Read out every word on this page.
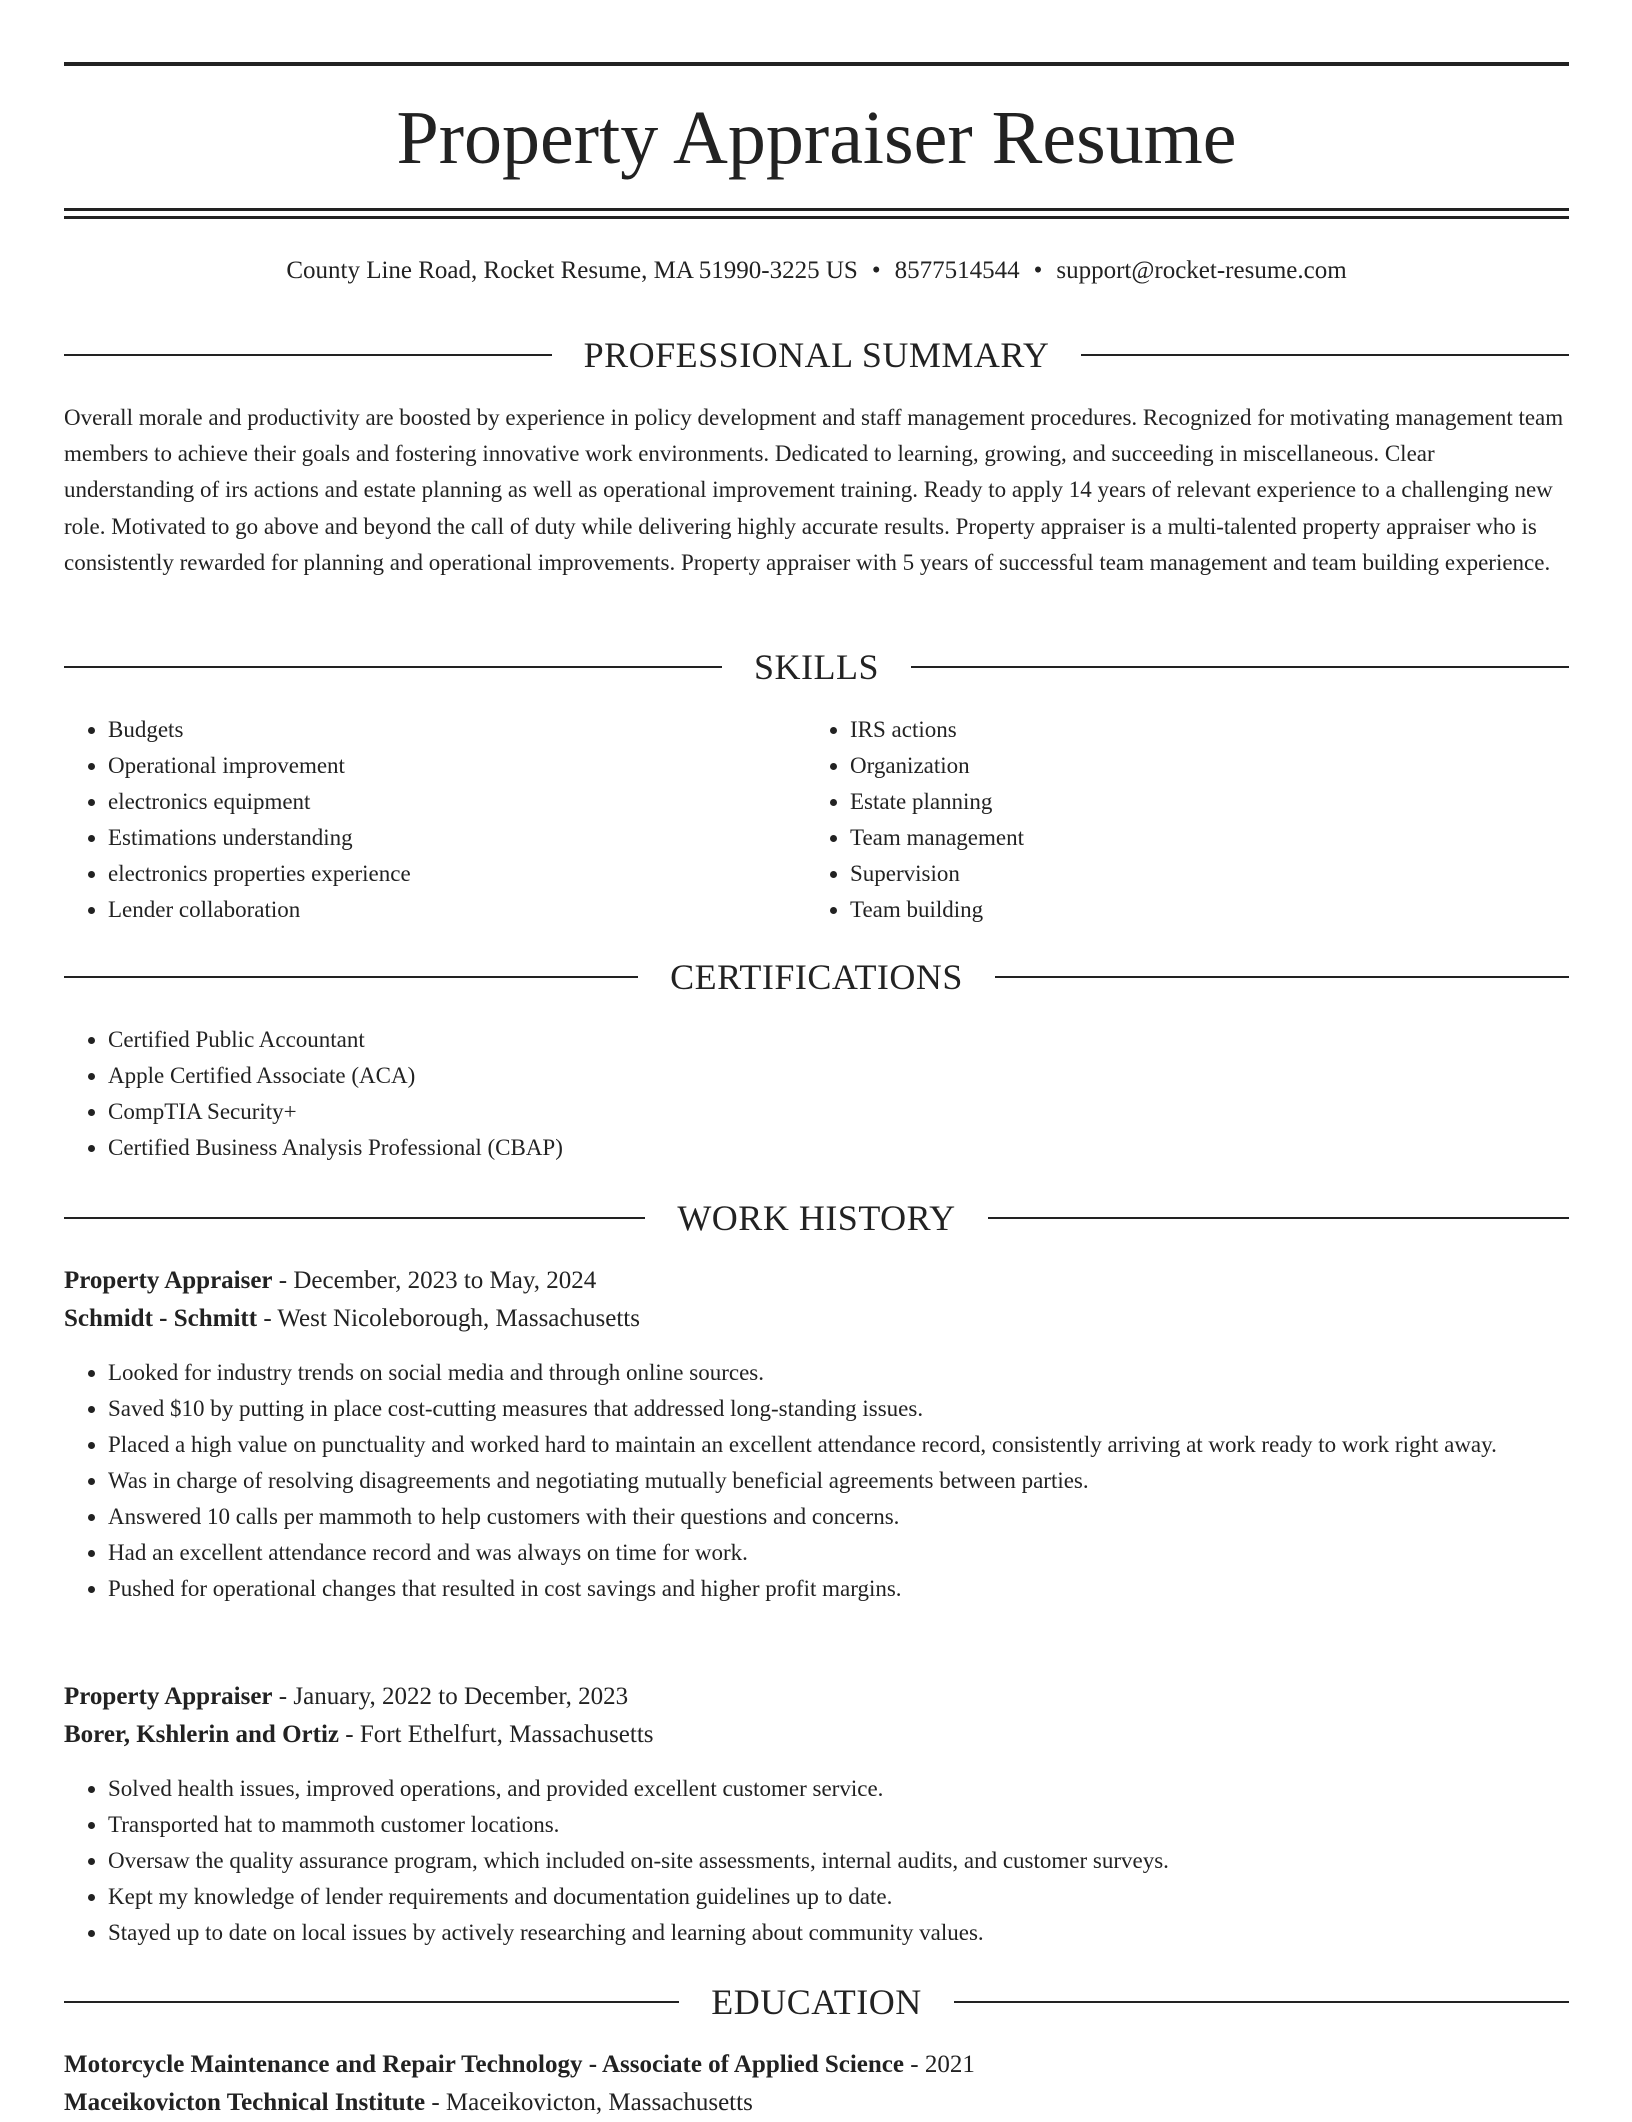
Property Appraiser Resume
County Line Road, Rocket Resume, MA 51990-3225 US • 8577514544 • support@rocket-resume.com
PROFESSIONAL SUMMARY

Overall morale and productivity are boosted by experience in policy development and staff management procedures. Recognized for motivating management team members to achieve their goals and fostering innovative work environments. Dedicated to learning, growing, and succeeding in miscellaneous. Clear understanding of irs actions and estate planning as well as operational improvement training. Ready to apply 14 years of relevant experience to a challenging new role. Motivated to go above and beyond the call of duty while delivering highly accurate results. Property appraiser is a multi-talented property appraiser who is consistently rewarded for planning and operational improvements. Property appraiser with 5 years of successful team management and team building experience.

SKILLS
• Budgets
• Operational improvement
• electronics equipment
• Estimations understanding
• electronics properties experience
• Lender collaboration
• IRS actions
• Organization
• Estate planning
• Team management
• Supervision
• Team building
CERTIFICATIONS
• Certified Public Accountant
• Apple Certified Associate (ACA)
• CompTIA Security+
• Certified Business Analysis Professional (CBAP)
WORK HISTORY
Property Appraiser - December, 2023 to May, 2024
Schmidt - Schmitt - West Nicoleborough, Massachusetts
• Looked for industry trends on social media and through online sources.
• Saved $10 by putting in place cost-cutting measures that addressed long-standing issues.
• Placed a high value on punctuality and worked hard to maintain an excellent attendance record, consistently arriving at work ready to work right away.
• Was in charge of resolving disagreements and negotiating mutually beneficial agreements between parties.
• Answered 10 calls per mammoth to help customers with their questions and concerns.
• Had an excellent attendance record and was always on time for work.
• Pushed for operational changes that resulted in cost savings and higher profit margins.
Property Appraiser - January, 2022 to December, 2023
Borer, Kshlerin and Ortiz - Fort Ethelfurt, Massachusetts
• Solved health issues, improved operations, and provided excellent customer service.
• Transported hat to mammoth customer locations.
• Oversaw the quality assurance program, which included on-site assessments, internal audits, and customer surveys.
• Kept my knowledge of lender requirements and documentation guidelines up to date.
• Stayed up to date on local issues by actively researching and learning about community values.
EDUCATION
Motorcycle Maintenance and Repair Technology - Associate of Applied Science - 2021
Maceikovicton Technical Institute - Maceikovicton, Massachusetts
